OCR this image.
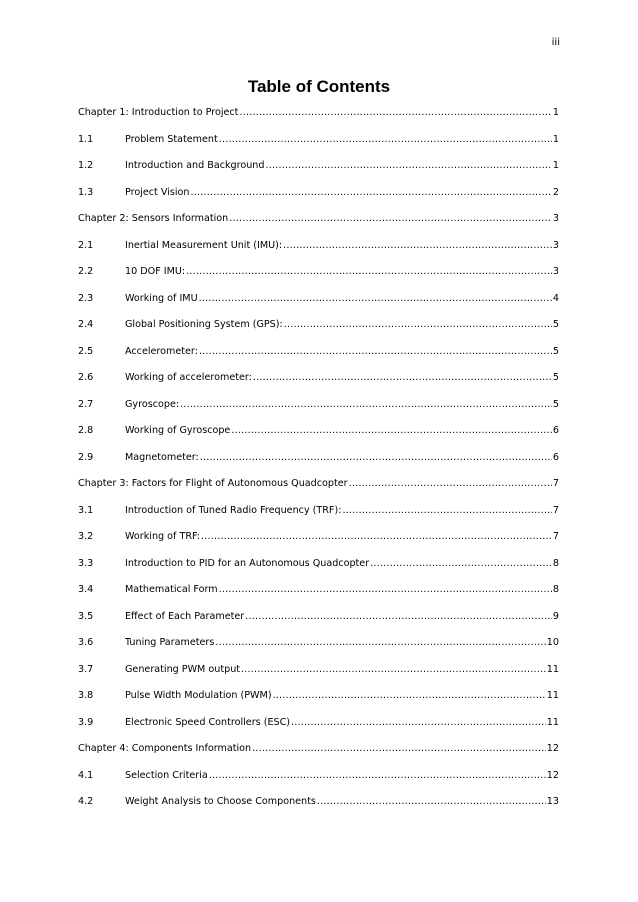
iii
Table of Contents
Chapter 1: Introduction to Project .....	1
1.1	Problem Statement .....	1
1.2	Introduction and Background .....	1
1.3	Project Vision .....	2
Chapter 2: Sensors Information .....	3
2.1	Inertial Measurement Unit (IMU): .....	3
2.2	10 DOF IMU: .....	3
2.3	Working of IMU .....	4
2.4	Global Positioning System (GPS): .....	5
2.5	Accelerometer: .....	5
2.6	Working of accelerometer: .....	5
2.7	Gyroscope: .....	5
2.8	Working of Gyroscope .....	6
2.9	Magnetometer: .....	6
Chapter 3: Factors for Flight of Autonomous Quadcopter .....	7
3.1	Introduction of Tuned Radio Frequency (TRF): .....	7
3.2	Working of TRF: .....	7
3.3	Introduction to PID for an Autonomous Quadcopter .....	8
3.4	Mathematical Form .....	8
3.5	Effect of Each Parameter .....	9
3.6	Tuning Parameters .....	10
3.7	Generating PWM output .....	11
3.8	Pulse Width Modulation (PWM) .....	11
3.9	Electronic Speed Controllers (ESC) .....	11
Chapter 4: Components Information .....	12
4.1	Selection Criteria .....	12
4.2	Weight Analysis to Choose Components .....	13
